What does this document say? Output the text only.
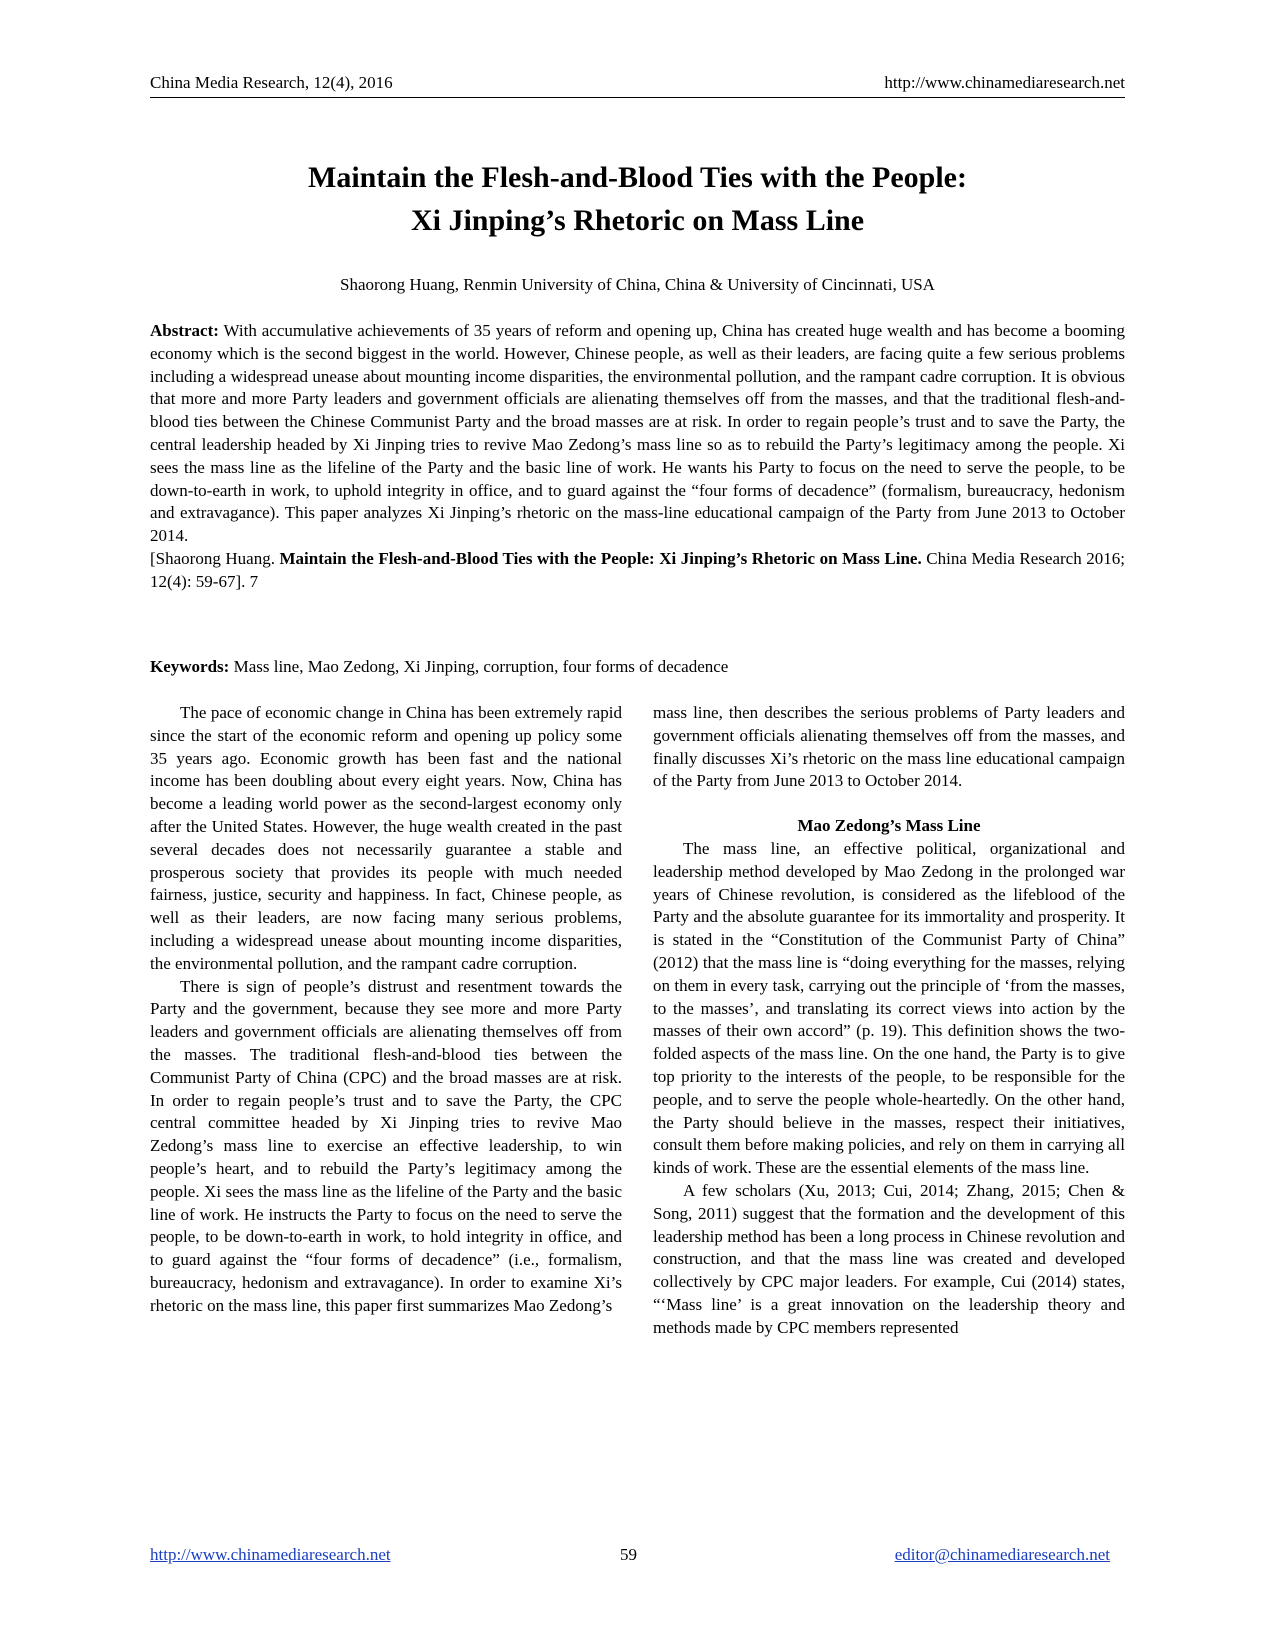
China Media Research, 12(4), 2016	http://www.chinamediaresearch.net
Maintain the Flesh-and-Blood Ties with the People:
Xi Jinping’s Rhetoric on Mass Line
Shaorong Huang, Renmin University of China, China & University of Cincinnati, USA

Abstract: With accumulative achievements of 35 years of reform and opening up, China has created huge wealth and has become a booming economy which is the second biggest in the world. However, Chinese people, as well as their leaders, are facing quite a few serious problems including a widespread unease about mounting income disparities, the environmental pollution, and the rampant cadre corruption. It is obvious that more and more Party leaders and government officials are alienating themselves off from the masses, and that the traditional flesh-and-blood ties between the Chinese Communist Party and the broad masses are at risk. In order to regain people’s trust and to save the Party, the central leadership headed by Xi Jinping tries to revive Mao Zedong’s mass line so as to rebuild the Party’s legitimacy among the people. Xi sees the mass line as the lifeline of the Party and the basic line of work. He wants his Party to focus on the need to serve the people, to be down-to-earth in work, to uphold integrity in office, and to guard against the “four forms of decadence” (formalism, bureaucracy, hedonism and extravagance). This paper analyzes Xi Jinping’s rhetoric on the mass-line educational campaign of the Party from June 2013 to October 2014.

[Shaorong Huang. Maintain the Flesh-and-Blood Ties with the People: Xi Jinping’s Rhetoric on Mass Line. China Media Research 2016; 12(4): 59-67]. 7

Keywords: Mass line, Mao Zedong, Xi Jinping, corruption, four forms of decadence

The pace of economic change in China has been extremely rapid since the start of the economic reform and opening up policy some 35 years ago. Economic growth has been fast and the national income has been doubling about every eight years. Now, China has become a leading world power as the second-largest economy only after the United States. However, the huge wealth created in the past several decades does not necessarily guarantee a stable and prosperous society that provides its people with much needed fairness, justice, security and happiness. In fact, Chinese people, as well as their leaders, are now facing many serious problems, including a widespread unease about mounting income disparities, the environmental pollution, and the rampant cadre corruption.

There is sign of people’s distrust and resentment towards the Party and the government, because they see more and more Party leaders and government officials are alienating themselves off from the masses. The traditional flesh-and-blood ties between the Communist Party of China (CPC) and the broad masses are at risk. In order to regain people’s trust and to save the Party, the CPC central committee headed by Xi Jinping tries to revive Mao Zedong’s mass line to exercise an effective leadership, to win people’s heart, and to rebuild the Party’s legitimacy among the people. Xi sees the mass line as the lifeline of the Party and the basic line of work. He instructs the Party to focus on the need to serve the people, to be down-to-earth in work, to hold integrity in office, and to guard against the “four forms of decadence” (i.e., formalism, bureaucracy, hedonism and extravagance). In order to examine Xi’s rhetoric on the mass line, this paper first summarizes Mao Zedong’s

mass line, then describes the serious problems of Party leaders and government officials alienating themselves off from the masses, and finally discusses Xi’s rhetoric on the mass line educational campaign of the Party from June 2013 to October 2014.

Mao Zedong’s Mass Line

The mass line, an effective political, organizational and leadership method developed by Mao Zedong in the prolonged war years of Chinese revolution, is considered as the lifeblood of the Party and the absolute guarantee for its immortality and prosperity. It is stated in the “Constitution of the Communist Party of China” (2012) that the mass line is “doing everything for the masses, relying on them in every task, carrying out the principle of ‘from the masses, to the masses’, and translating its correct views into action by the masses of their own accord” (p. 19). This definition shows the two-folded aspects of the mass line. On the one hand, the Party is to give top priority to the interests of the people, to be responsible for the people, and to serve the people whole-heartedly. On the other hand, the Party should believe in the masses, respect their initiatives, consult them before making policies, and rely on them in carrying all kinds of work. These are the essential elements of the mass line.

A few scholars (Xu, 2013; Cui, 2014; Zhang, 2015; Chen & Song, 2011) suggest that the formation and the development of this leadership method has been a long process in Chinese revolution and construction, and that the mass line was created and developed collectively by CPC major leaders. For example, Cui (2014) states, “‘Mass line’ is a great innovation on the leadership theory and methods made by CPC members represented

http://www.chinamediaresearch.net	59	editor@chinamediaresearch.net
